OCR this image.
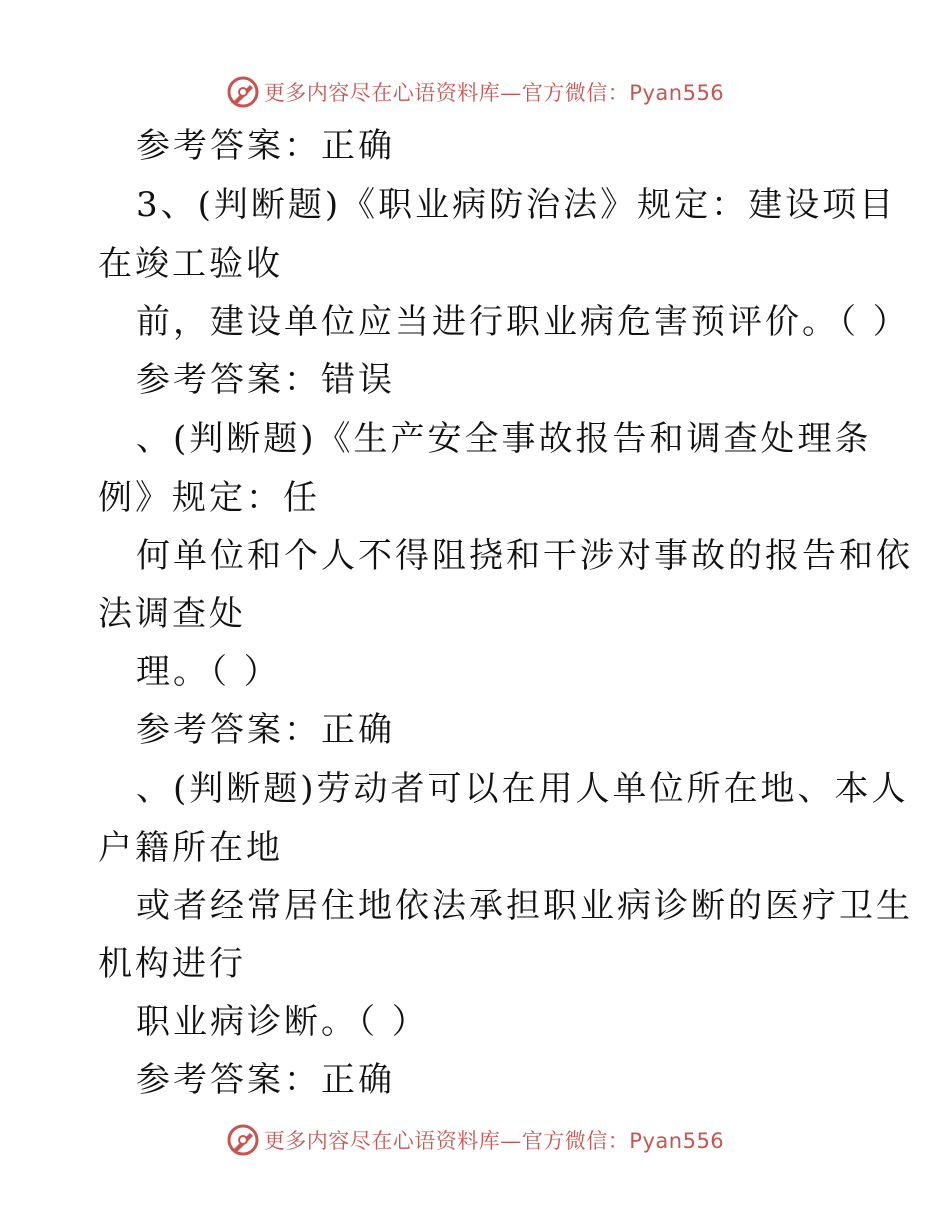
更多内容尽在心语资料库—官方微信：Pyan556
参考答案：正确
3、(判断题)《职业病防治法》规定：建设项目
在竣工验收
前，建设单位应当进行职业病危害预评价。（ ）
参考答案：错误
、(判断题)《生产安全事故报告和调查处理条
例》规定：任
何单位和个人不得阻挠和干涉对事故的报告和依
法调查处
理。（ ）
参考答案：正确
、(判断题)劳动者可以在用人单位所在地、本人
户籍所在地
或者经常居住地依法承担职业病诊断的医疗卫生
机构进行
职业病诊断。（ ）
参考答案：正确
更多内容尽在心语资料库—官方微信：Pyan556
